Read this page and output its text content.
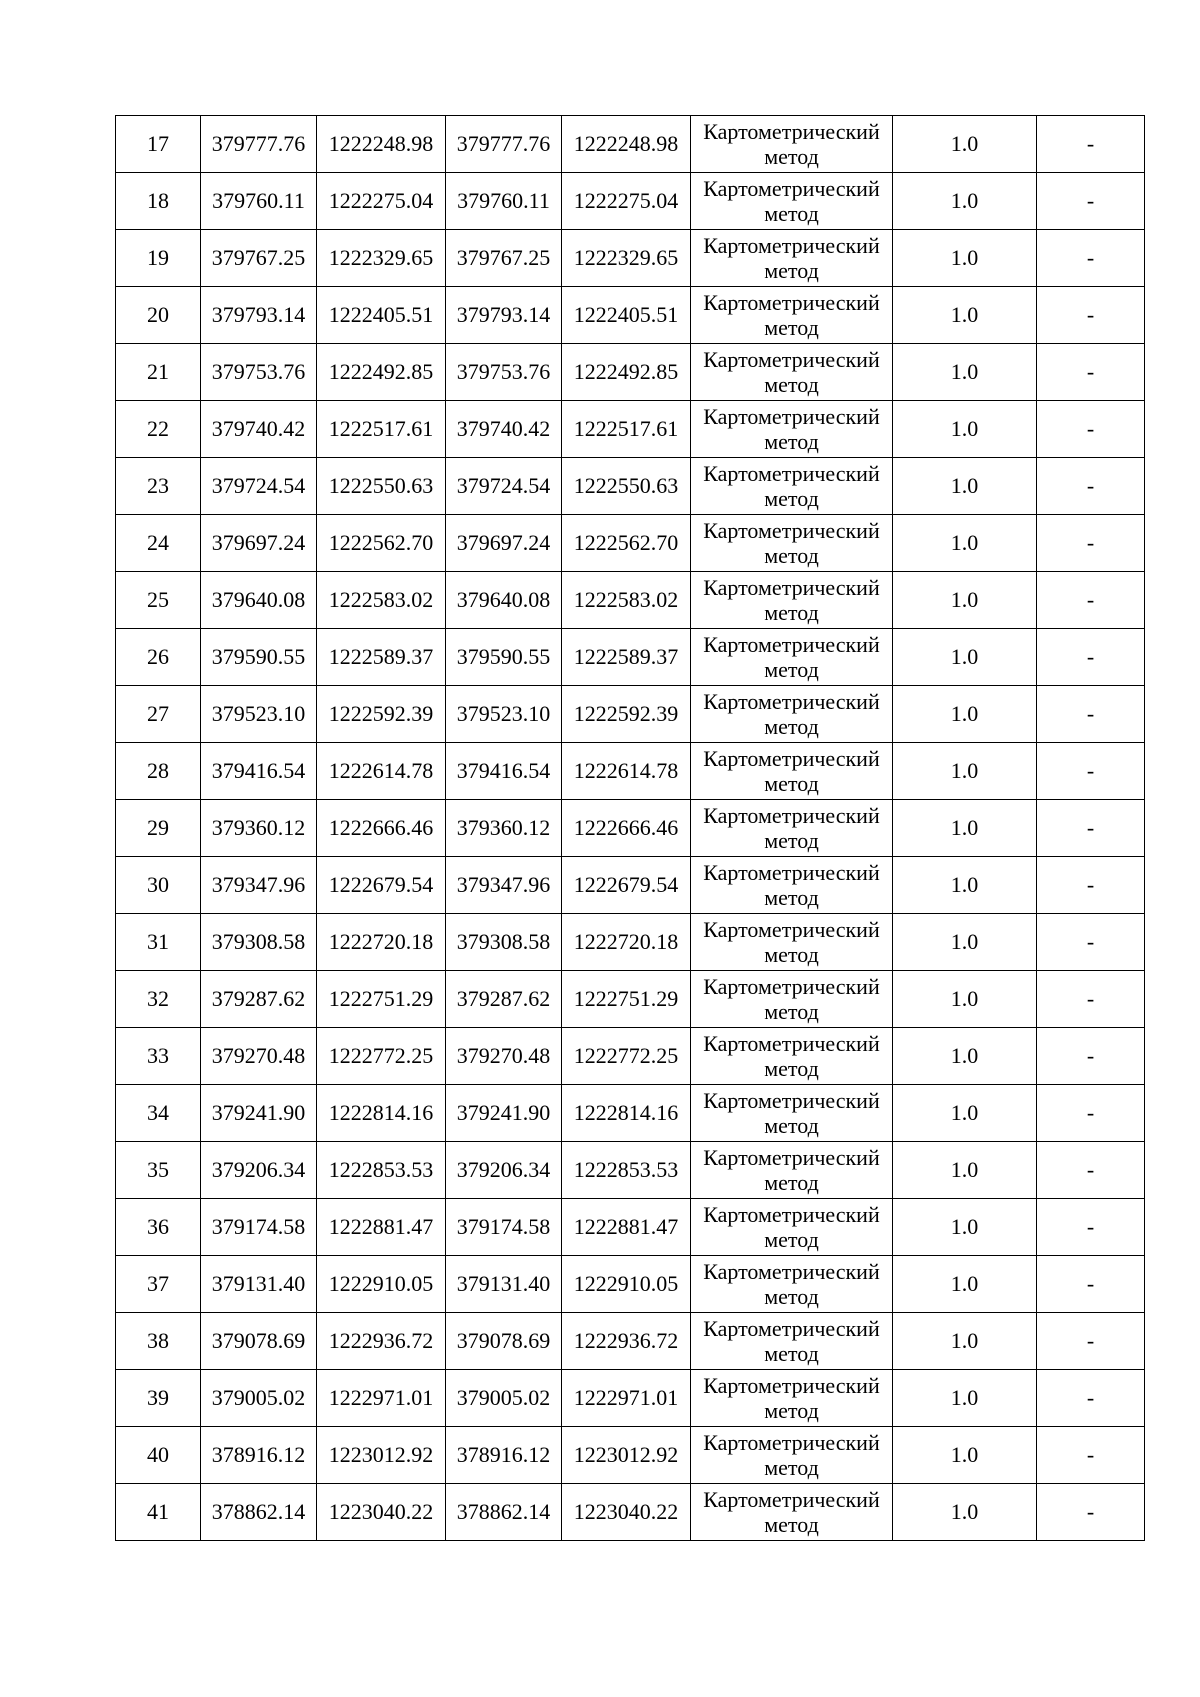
17	379777.76	1222248.98	379777.76	1222248.98	Картометрический метод	1.0	-
18	379760.11	1222275.04	379760.11	1222275.04	Картометрический метод	1.0	-
19	379767.25	1222329.65	379767.25	1222329.65	Картометрический метод	1.0	-
20	379793.14	1222405.51	379793.14	1222405.51	Картометрический метод	1.0	-
21	379753.76	1222492.85	379753.76	1222492.85	Картометрический метод	1.0	-
22	379740.42	1222517.61	379740.42	1222517.61	Картометрический метод	1.0	-
23	379724.54	1222550.63	379724.54	1222550.63	Картометрический метод	1.0	-
24	379697.24	1222562.70	379697.24	1222562.70	Картометрический метод	1.0	-
25	379640.08	1222583.02	379640.08	1222583.02	Картометрический метод	1.0	-
26	379590.55	1222589.37	379590.55	1222589.37	Картометрический метод	1.0	-
27	379523.10	1222592.39	379523.10	1222592.39	Картометрический метод	1.0	-
28	379416.54	1222614.78	379416.54	1222614.78	Картометрический метод	1.0	-
29	379360.12	1222666.46	379360.12	1222666.46	Картометрический метод	1.0	-
30	379347.96	1222679.54	379347.96	1222679.54	Картометрический метод	1.0	-
31	379308.58	1222720.18	379308.58	1222720.18	Картометрический метод	1.0	-
32	379287.62	1222751.29	379287.62	1222751.29	Картометрический метод	1.0	-
33	379270.48	1222772.25	379270.48	1222772.25	Картометрический метод	1.0	-
34	379241.90	1222814.16	379241.90	1222814.16	Картометрический метод	1.0	-
35	379206.34	1222853.53	379206.34	1222853.53	Картометрический метод	1.0	-
36	379174.58	1222881.47	379174.58	1222881.47	Картометрический метод	1.0	-
37	379131.40	1222910.05	379131.40	1222910.05	Картометрический метод	1.0	-
38	379078.69	1222936.72	379078.69	1222936.72	Картометрический метод	1.0	-
39	379005.02	1222971.01	379005.02	1222971.01	Картометрический метод	1.0	-
40	378916.12	1223012.92	378916.12	1223012.92	Картометрический метод	1.0	-
41	378862.14	1223040.22	378862.14	1223040.22	Картометрический метод	1.0	-
